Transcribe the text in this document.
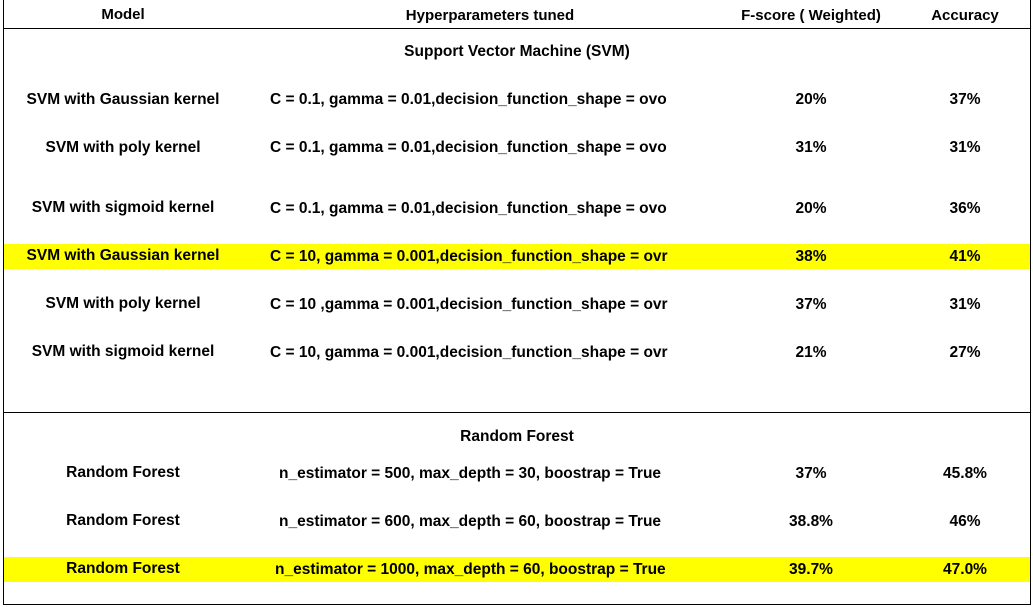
Model	Hyperparameters tuned	F-score ( Weighted)	Accuracy
Support Vector Machine (SVM)
SVM with Gaussian kernel	C = 0.1, gamma = 0.01,decision_function_shape = ovo	20%	37%
SVM with poly kernel	C = 0.1, gamma = 0.01,decision_function_shape = ovo	31%	31%
SVM with sigmoid kernel	C = 0.1, gamma = 0.01,decision_function_shape = ovo	20%	36%
SVM with Gaussian kernel	C = 10, gamma = 0.001,decision_function_shape = ovr	38%	41%
SVM with poly kernel	C = 10 ,gamma = 0.001,decision_function_shape = ovr	37%	31%
SVM with sigmoid kernel	C = 10, gamma = 0.001,decision_function_shape = ovr	21%	27%
Random Forest
Random Forest	n_estimator = 500, max_depth = 30, boostrap = True	37%	45.8%
Random Forest	n_estimator = 600, max_depth = 60, boostrap = True	38.8%	46%
Random Forest	n_estimator = 1000, max_depth = 60, boostrap = True	39.7%	47.0%
